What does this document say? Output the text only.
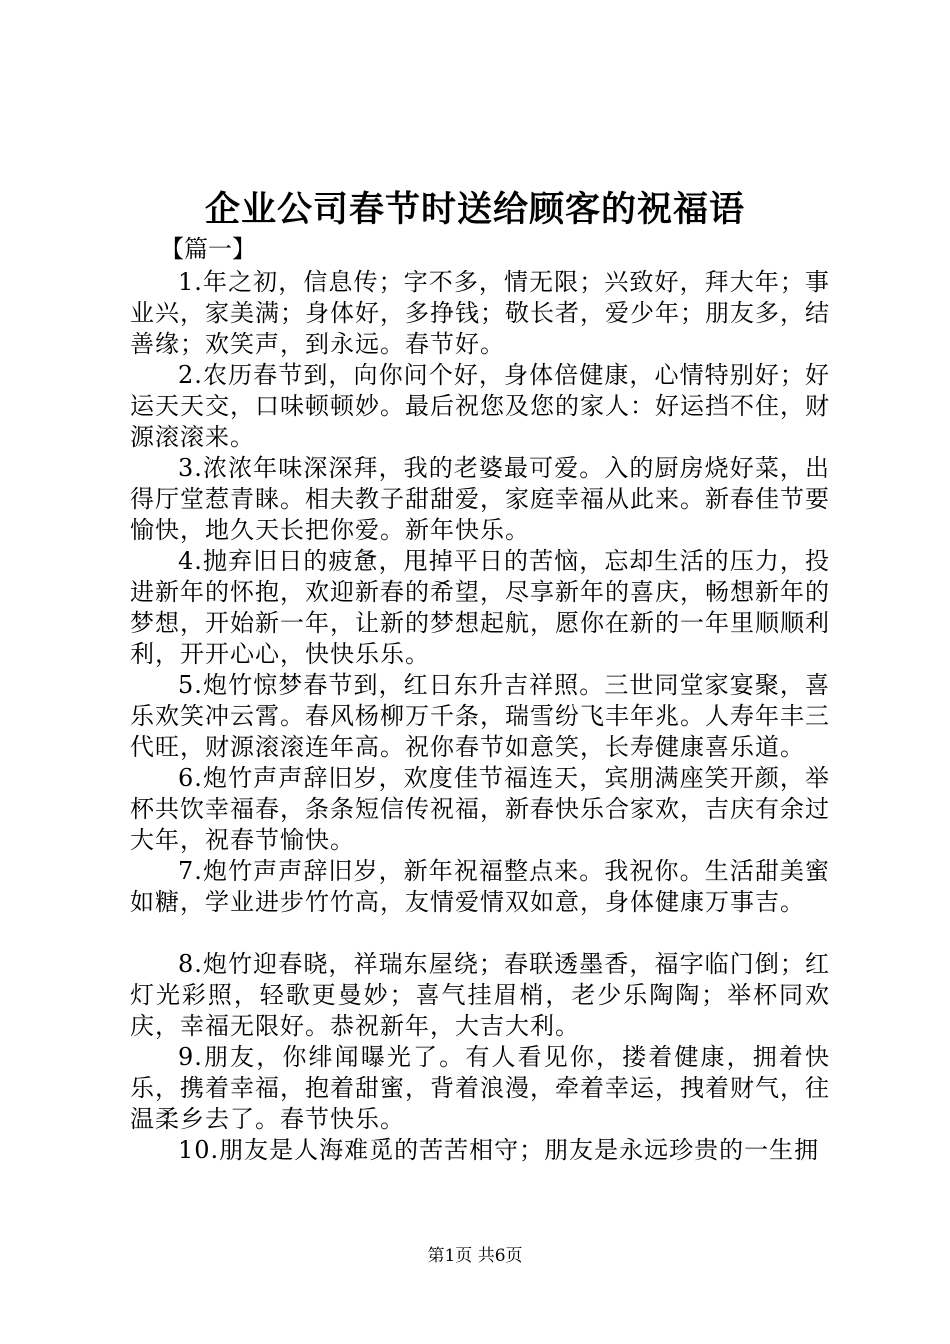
企业公司春节时送给顾客的祝福语
【篇一】

1.年之初，信息传；字不多，情无限；兴致好，拜大年；事业兴，家美满；身体好，多挣钱；敬长者，爱少年；朋友多，结善缘；欢笑声，到永远。春节好。

2.农历春节到，向你问个好，身体倍健康，心情特别好；好运天天交，口味顿顿妙。最后祝您及您的家人：好运挡不住，财源滚滚来。

3.浓浓年味深深拜，我的老婆最可爱。入的厨房烧好菜，出得厅堂惹青睐。相夫教子甜甜爱，家庭幸福从此来。新春佳节要愉快，地久天长把你爱。新年快乐。

4.抛弃旧日的疲惫，甩掉平日的苦恼，忘却生活的压力，投进新年的怀抱，欢迎新春的希望，尽享新年的喜庆，畅想新年的梦想，开始新一年，让新的梦想起航，愿你在新的一年里顺顺利利，开开心心，快快乐乐。

5.炮竹惊梦春节到，红日东升吉祥照。三世同堂家宴聚，喜乐欢笑冲云霄。春风杨柳万千条，瑞雪纷飞丰年兆。人寿年丰三代旺，财源滚滚连年高。祝你春节如意笑，长寿健康喜乐道。

6.炮竹声声辞旧岁，欢度佳节福连天，宾朋满座笑开颜，举杯共饮幸福春，条条短信传祝福，新春快乐合家欢，吉庆有余过大年，祝春节愉快。

7.炮竹声声辞旧岁，新年祝福整点来。我祝你。生活甜美蜜如糖，学业进步竹竹高，友情爱情双如意，身体健康万事吉。

8.炮竹迎春晓，祥瑞东屋绕；春联透墨香，福字临门倒；红灯光彩照，轻歌更曼妙；喜气挂眉梢，老少乐陶陶；举杯同欢庆，幸福无限好。恭祝新年，大吉大利。

9.朋友，你绯闻曝光了。有人看见你，搂着健康，拥着快乐，携着幸福，抱着甜蜜，背着浪漫，牵着幸运，拽着财气，往温柔乡去了。春节快乐。

10.朋友是人海难觅的苦苦相守；朋友是永远珍贵的一生拥

第1页 共6页
